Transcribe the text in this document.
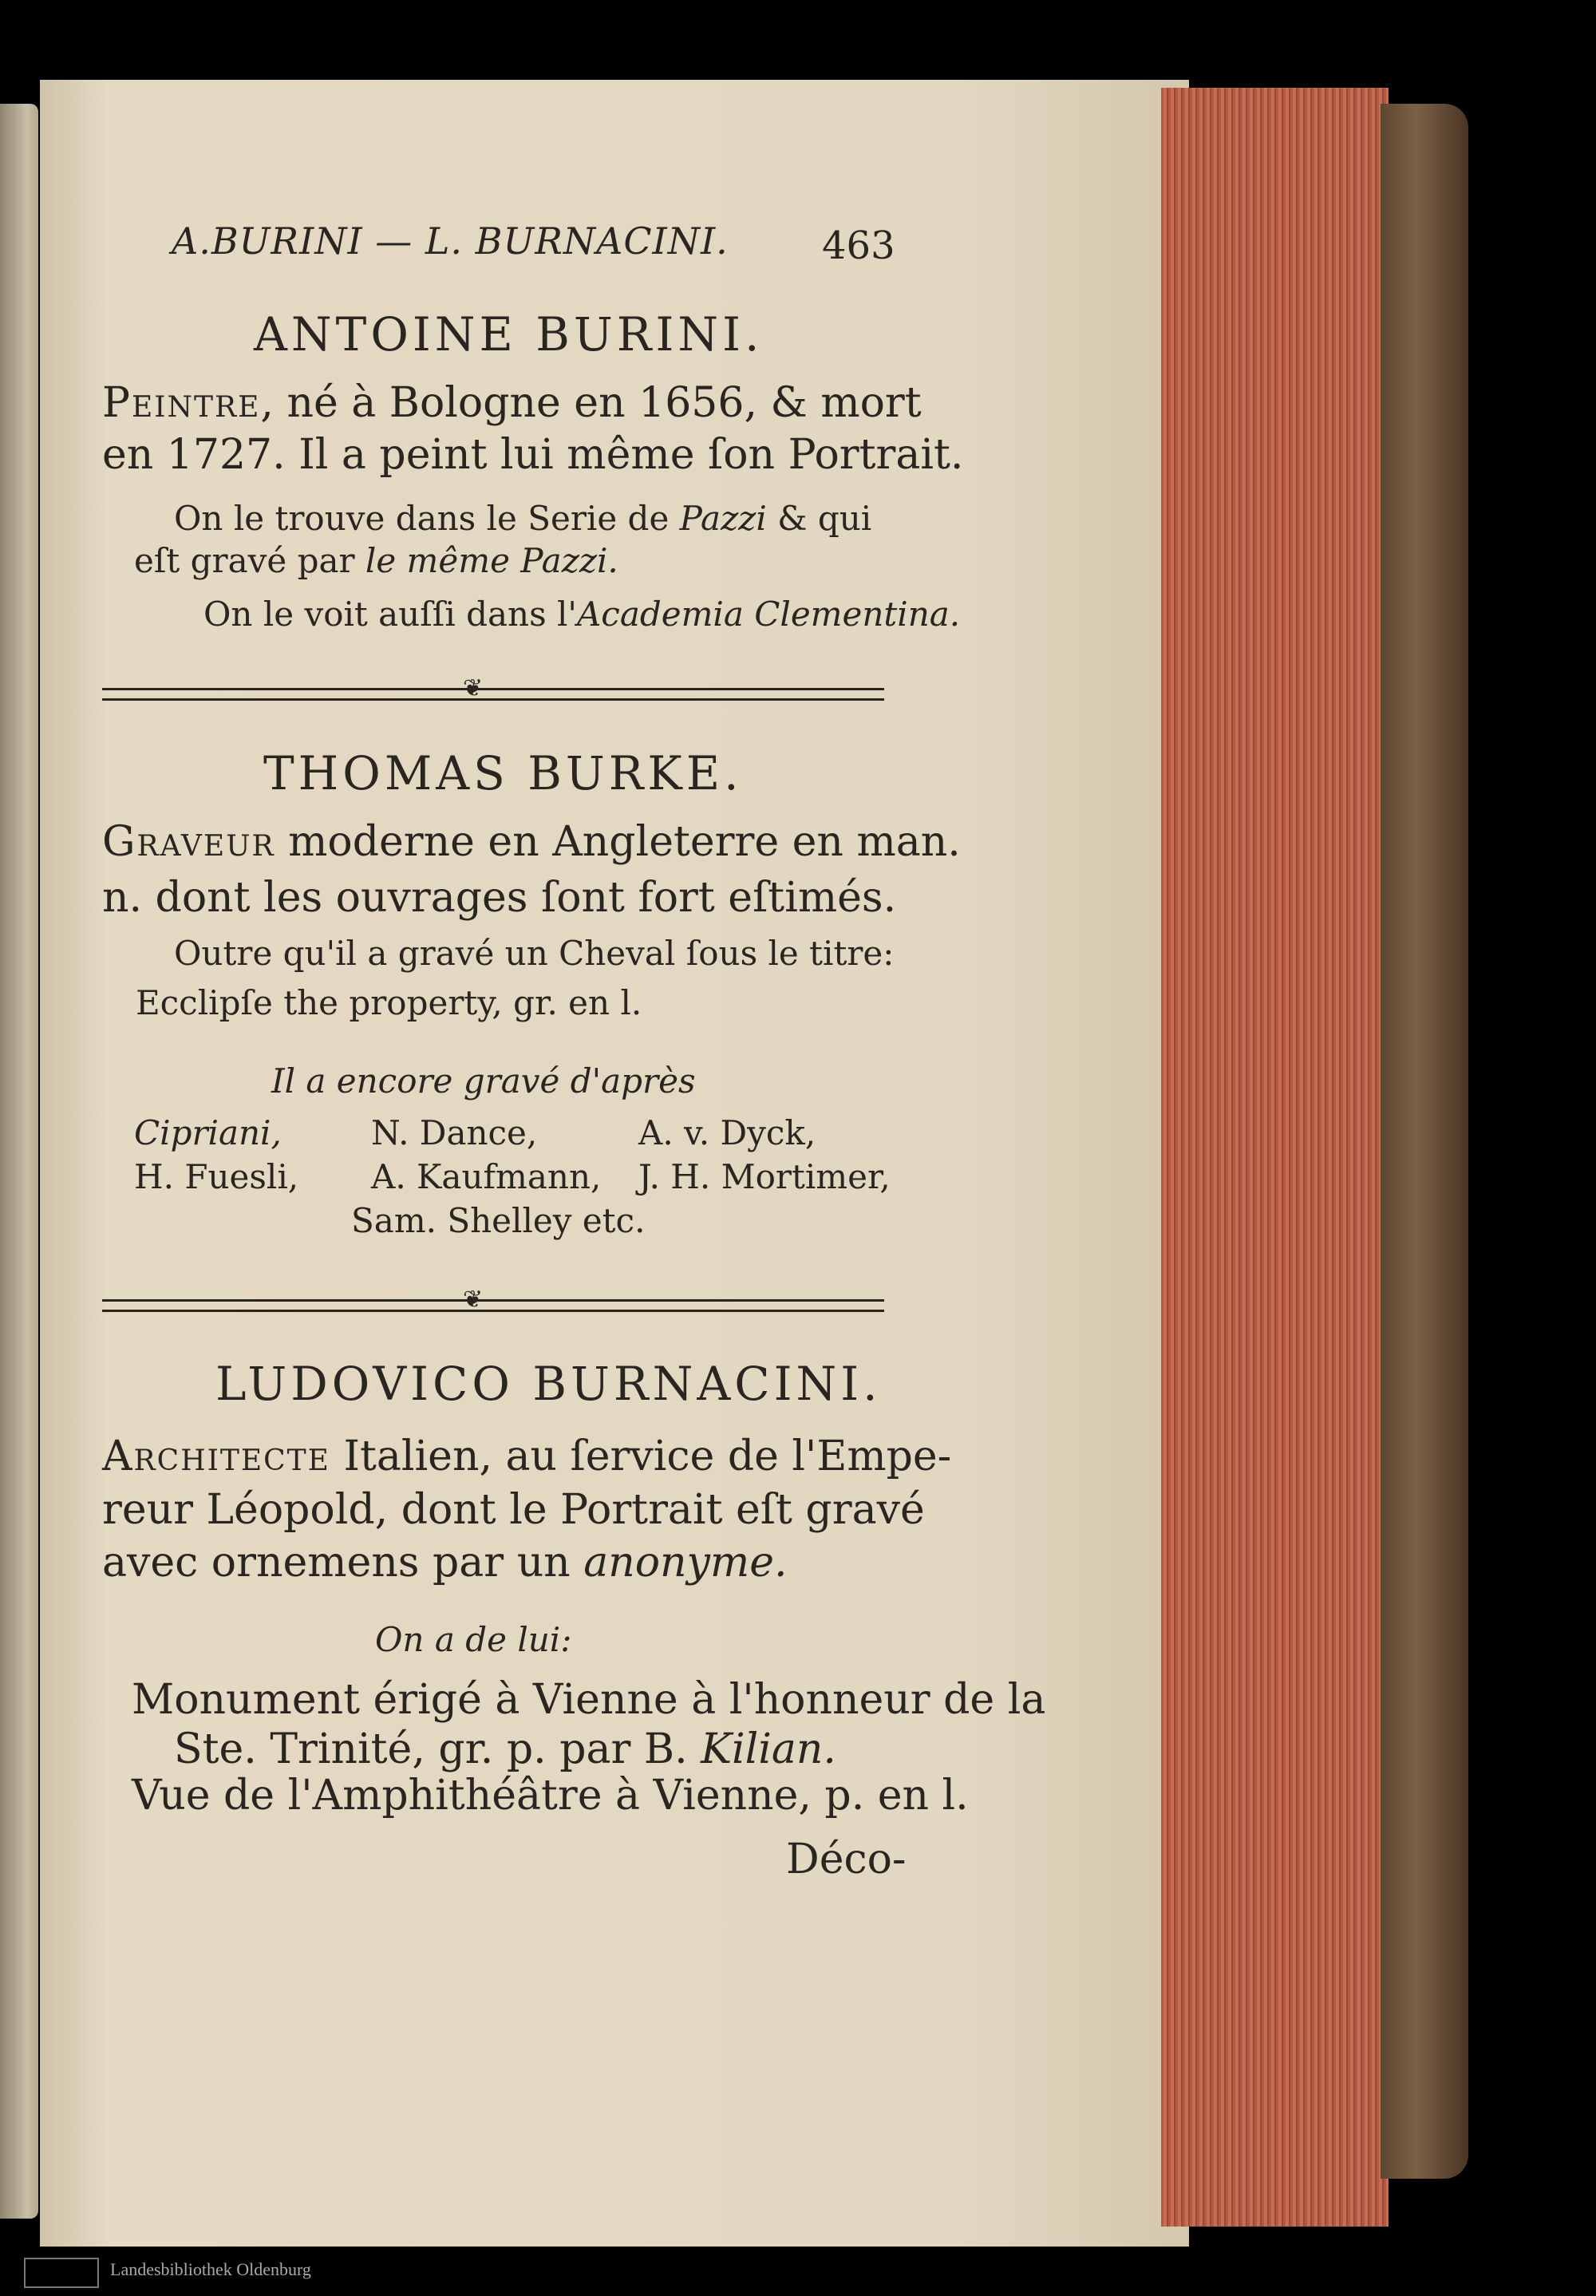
A.BURINI — L. BURNACINI. 463
ANTOINE BURINI.
Peintre, né à Bologne en 1656, & mort
en 1727. Il a peint lui même ſon Portrait.
On le trouve dans le Serie de Pazzi & qui
eſt gravé par le même Pazzi.
On le voit auſſi dans l'Academia Clementina.
❦
THOMAS BURKE.
Graveur moderne en Angleterre en man.
n. dont les ouvrages ſont fort eſtimés.
Outre qu'il a gravé un Cheval ſous le titre:
Ecclipſe the property, gr. en l.
Il a encore gravé d'après
Cipriani,	N. Dance,	A. v. Dyck,
H. Fuesli, A. Kaufmann, J. H. Mortimer,
Sam. Shelley etc.
❦
LUDOVICO BURNACINI.
Architecte Italien, au ſervice de l'Empe-
reur Léopold, dont le Portrait eſt gravé
avec ornemens par un anonyme.
On a de lui:
Monument érigé à Vienne à l'honneur de la
Ste. Trinité, gr. p. par B. Kilian.
Vue de l'Amphithéâtre à Vienne, p. en l.
Déco-
Landesbibliothek Oldenburg
